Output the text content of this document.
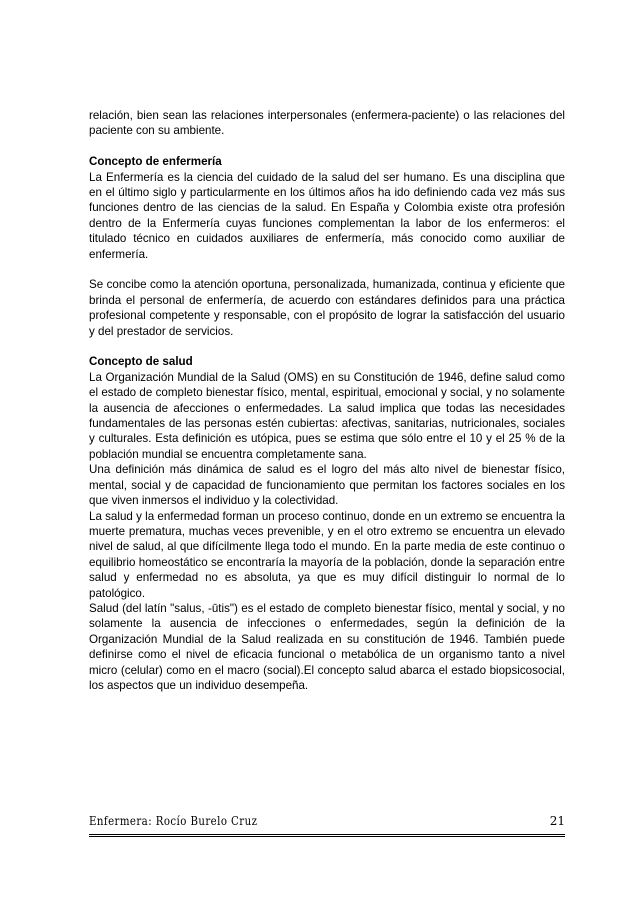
relación, bien sean las relaciones interpersonales (enfermera-paciente) o las relaciones del paciente con su ambiente.

Concepto de enfermería

La Enfermería es la ciencia del cuidado de la salud del ser humano. Es una disciplina que en el último siglo y particularmente en los últimos años ha ido definiendo cada vez más sus funciones dentro de las ciencias de la salud. En España y Colombia existe otra profesión dentro de la Enfermería cuyas funciones complementan la labor de los enfermeros: el titulado técnico en cuidados auxiliares de enfermería, más conocido como auxiliar de enfermería.

Se concibe como la atención oportuna, personalizada, humanizada, continua y eficiente que brinda el personal de enfermería, de acuerdo con estándares definidos para una práctica profesional competente y responsable, con el propósito de lograr la satisfacción del usuario y del prestador de servicios.

Concepto de salud

La Organización Mundial de la Salud (OMS) en su Constitución de 1946, define salud como el estado de completo bienestar físico, mental, espiritual, emocional y social, y no solamente la ausencia de afecciones o enfermedades. La salud implica que todas las necesidades fundamentales de las personas estén cubiertas: afectivas, sanitarias, nutricionales, sociales y culturales. Esta definición es utópica, pues se estima que sólo entre el 10 y el 25 % de la población mundial se encuentra completamente sana.

Una definición más dinámica de salud es el logro del más alto nivel de bienestar físico, mental, social y de capacidad de funcionamiento que permitan los factores sociales en los que viven inmersos el individuo y la colectividad.

La salud y la enfermedad forman un proceso continuo, donde en un extremo se encuentra la muerte prematura, muchas veces prevenible, y en el otro extremo se encuentra un elevado nivel de salud, al que difícilmente llega todo el mundo. En la parte media de este continuo o equilibrio homeostático se encontraría la mayoría de la población, donde la separación entre salud y enfermedad no es absoluta, ya que es muy difícil distinguir lo normal de lo patológico.

Salud (del latín "salus, -ūtis") es el estado de completo bienestar físico, mental y social, y no solamente la ausencia de infecciones o enfermedades, según la definición de la Organización Mundial de la Salud realizada en su constitución de 1946. También puede definirse como el nivel de eficacia funcional o metabólica de un organismo tanto a nivel micro (celular) como en el macro (social).El concepto salud abarca el estado biopsicosocial, los aspectos que un individuo desempeña.

Enfermera: Rocío Burelo Cruz	21
